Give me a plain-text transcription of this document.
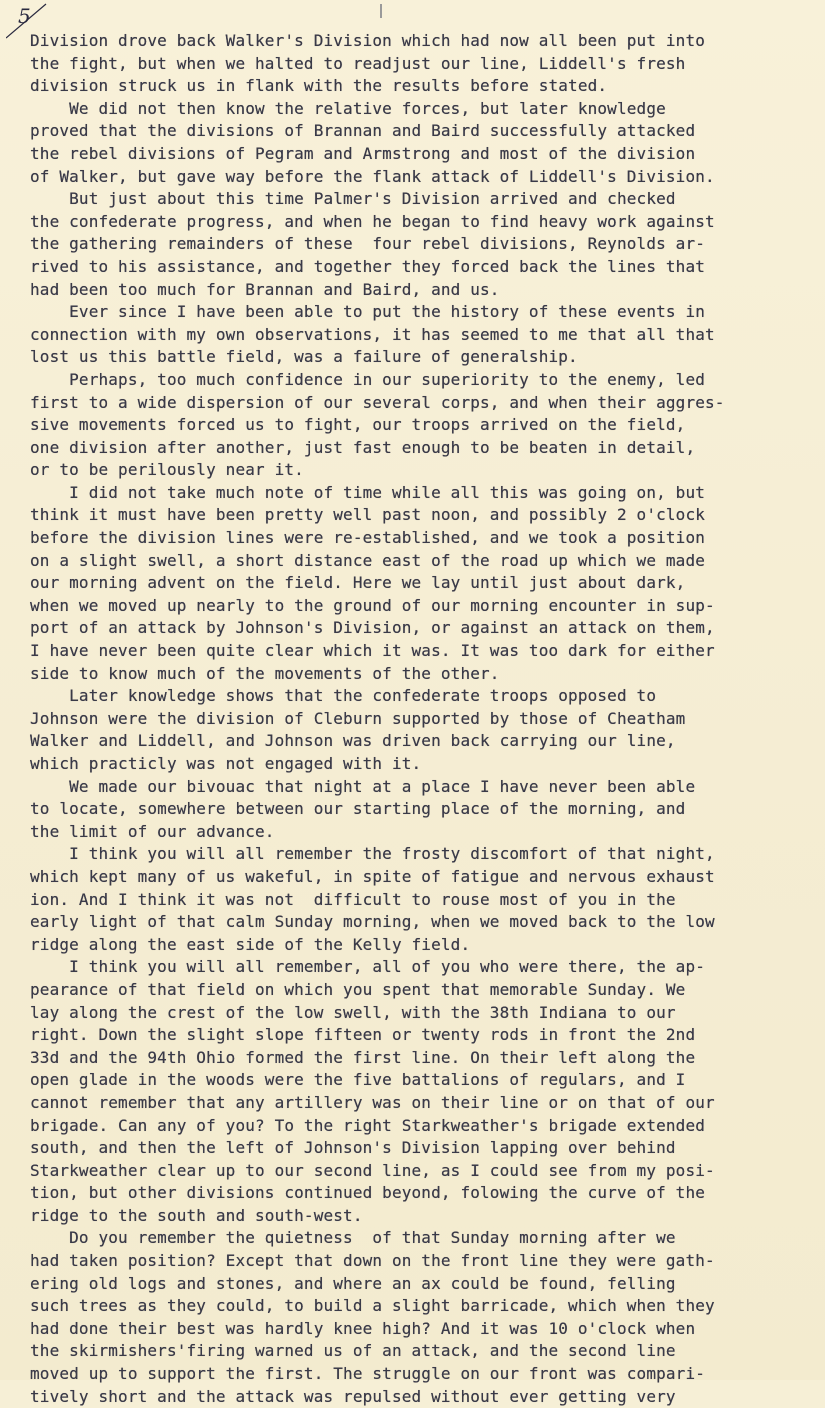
5
Division drove back Walker's Division which had now all been put into
the fight, but when we halted to readjust our line, Liddell's fresh
division struck us in flank with the results before stated.
We did not then know the relative forces, but later knowledge
proved that the divisions of Brannan and Baird successfully attacked
the rebel divisions of Pegram and Armstrong and most of the division
of Walker, but gave way before the flank attack of Liddell's Division.
But just about this time Palmer's Division arrived and checked
the confederate progress, and when he began to find heavy work against
the gathering remainders of these  four rebel divisions, Reynolds ar-
rived to his assistance, and together they forced back the lines that
had been too much for Brannan and Baird, and us.
Ever since I have been able to put the history of these events in
connection with my own observations, it has seemed to me that all that
lost us this battle field, was a failure of generalship.
Perhaps, too much confidence in our superiority to the enemy, led
first to a wide dispersion of our several corps, and when their aggres-
sive movements forced us to fight, our troops arrived on the field,
one division after another, just fast enough to be beaten in detail,
or to be perilously near it.
I did not take much note of time while all this was going on, but
think it must have been pretty well past noon, and possibly 2 o'clock
before the division lines were re-established, and we took a position
on a slight swell, a short distance east of the road up which we made
our morning advent on the field. Here we lay until just about dark,
when we moved up nearly to the ground of our morning encounter in sup-
port of an attack by Johnson's Division, or against an attack on them,
I have never been quite clear which it was. It was too dark for either
side to know much of the movements of the other.
Later knowledge shows that the confederate troops opposed to
Johnson were the division of Cleburn supported by those of Cheatham
Walker and Liddell, and Johnson was driven back carrying our line,
which practicly was not engaged with it.
We made our bivouac that night at a place I have never been able
to locate, somewhere between our starting place of the morning, and
the limit of our advance.
I think you will all remember the frosty discomfort of that night,
which kept many of us wakeful, in spite of fatigue and nervous exhaust
ion. And I think it was not  difficult to rouse most of you in the
early light of that calm Sunday morning, when we moved back to the low
ridge along the east side of the Kelly field.
I think you will all remember, all of you who were there, the ap-
pearance of that field on which you spent that memorable Sunday. We
lay along the crest of the low swell, with the 38th Indiana to our
right. Down the slight slope fifteen or twenty rods in front the 2nd
33d and the 94th Ohio formed the first line. On their left along the
open glade in the woods were the five battalions of regulars, and I
cannot remember that any artillery was on their line or on that of our
brigade. Can any of you? To the right Starkweather's brigade extended
south, and then the left of Johnson's Division lapping over behind
Starkweather clear up to our second line, as I could see from my posi-
tion, but other divisions continued beyond, folowing the curve of the
ridge to the south and south-west.
Do you remember the quietness  of that Sunday morning after we
had taken position? Except that down on the front line they were gath-
ering old logs and stones, and where an ax could be found, felling
such trees as they could, to build a slight barricade, which when they
had done their best was hardly knee high? And it was 10 o'clock when
the skirmishers'firing warned us of an attack, and the second line
moved up to support the first. The struggle on our front was compari-
tively short and the attack was repulsed without ever getting very
